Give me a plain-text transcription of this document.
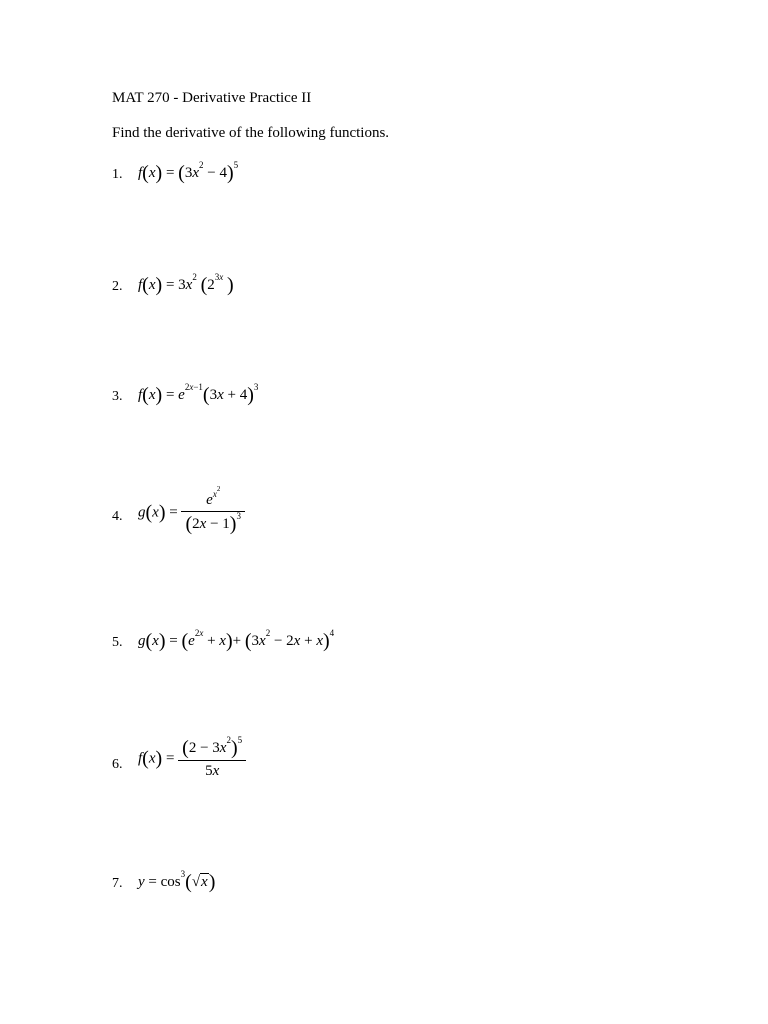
MAT 270 - Derivative Practice II
Find the derivative of the following functions.
1. $f(x) = (3x^2 - 4)^5$
2. $f(x) = 3x^2$ ($2^{3x}$ )
3. $f(x) = e^{2x-1}(3x + 4)^3$
4. $g(x) = \frac{e^{x^2}}{(2x - 1)^3}$
5. $g(x) = (e^{2x} + x)+ (3x^2 - 2x + x)^4$
6. $f(x) = \frac{(2 - 3x^2)^5}{5x}$
7. $y = \cos^3(√x)$
